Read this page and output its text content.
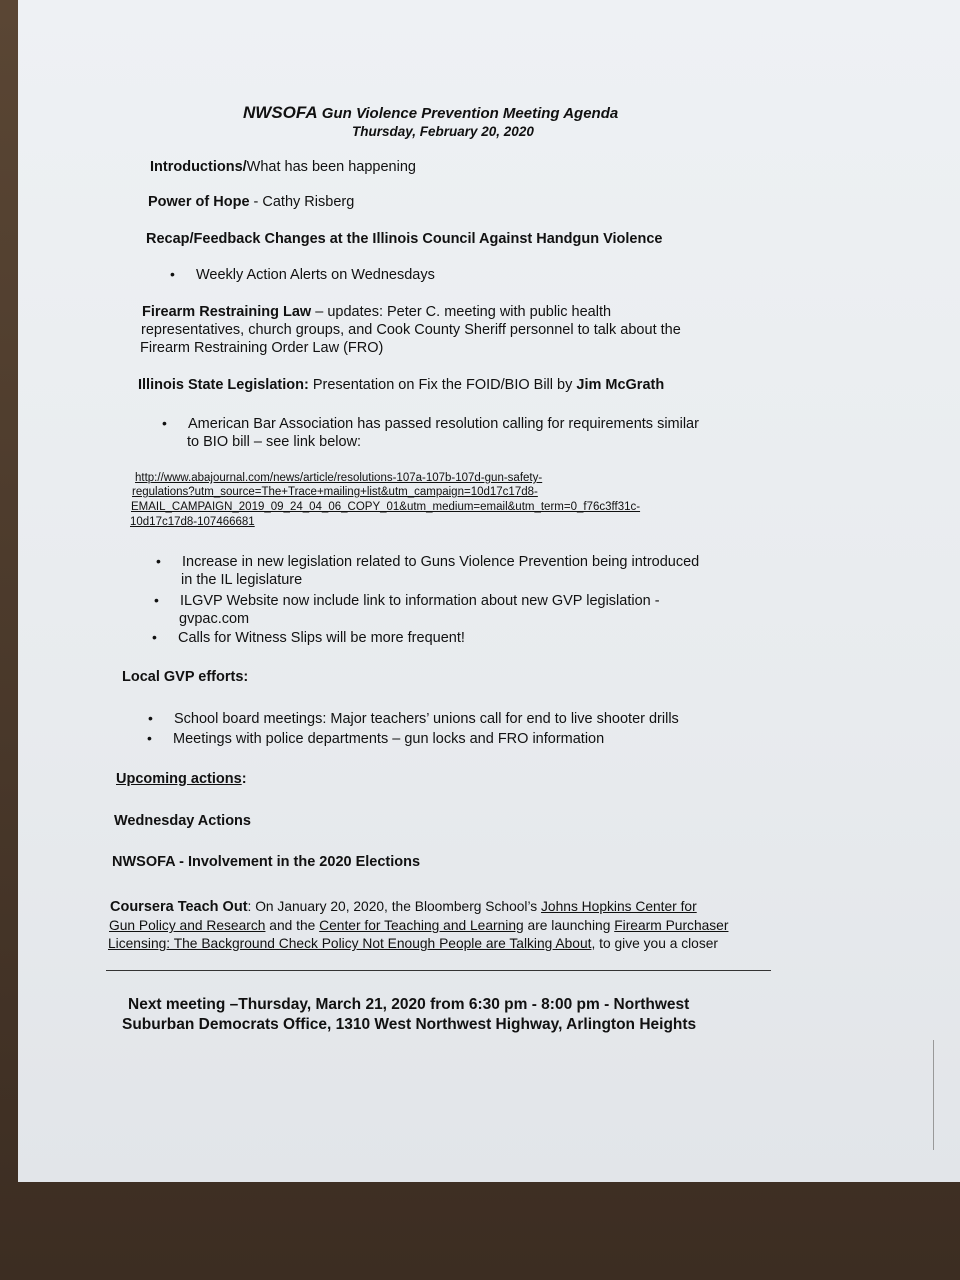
NWSOFA Gun Violence Prevention Meeting Agenda
Thursday, February 20, 2020
Introductions/What has been happening
Power of Hope - Cathy Risberg
Recap/Feedback Changes at the Illinois Council Against Handgun Violence
• Weekly Action Alerts on Wednesdays
Firearm Restraining Law – updates: Peter C. meeting with public health
representatives, church groups, and Cook County Sheriff personnel to talk about the
Firearm Restraining Order Law (FRO)
Illinois State Legislation: Presentation on Fix the FOID/BIO Bill by Jim McGrath
• American Bar Association has passed resolution calling for requirements similar
to BIO bill – see link below:
http://www.abajournal.com/news/article/resolutions-107a-107b-107d-gun-safety-
regulations?utm_source=The+Trace+mailing+list&utm_campaign=10d17c17d8-
EMAIL_CAMPAIGN_2019_09_24_04_06_COPY_01&utm_medium=email&utm_term=0_f76c3ff31c-
10d17c17d8-107466681
• Increase in new legislation related to Guns Violence Prevention being introduced
in the IL legislature
• ILGVP Website now include link to information about new GVP legislation -
gvpac.com
• Calls for Witness Slips will be more frequent!
Local GVP efforts:
• School board meetings: Major teachers’ unions call for end to live shooter drills
• Meetings with police departments – gun locks and FRO information
Upcoming actions:
Wednesday Actions
NWSOFA - Involvement in the 2020 Elections
Coursera Teach Out: On January 20, 2020, the Bloomberg School’s Johns Hopkins Center for
Gun Policy and Research and the Center for Teaching and Learning are launching Firearm Purchaser
Licensing: The Background Check Policy Not Enough People are Talking About, to give you a closer
Next meeting –Thursday, March 21, 2020 from 6:30 pm - 8:00 pm - Northwest
Suburban Democrats Office, 1310 West Northwest Highway, Arlington Heights
